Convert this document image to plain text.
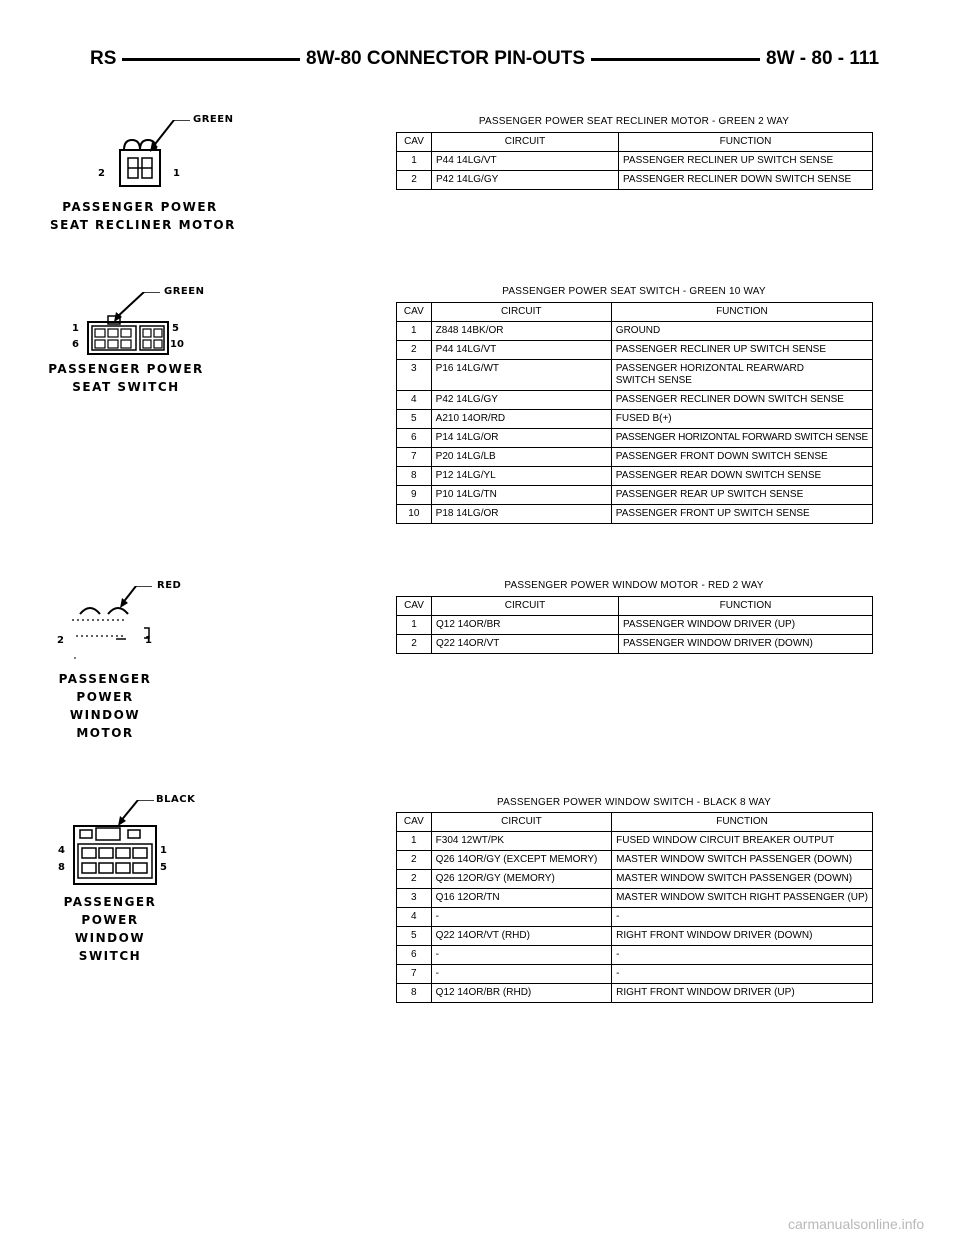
RS	8W-80 CONNECTOR PIN-OUTS	8W - 80 - 111
PASSENGER POWER SEAT RECLINER MOTOR - GREEN 2 WAY
CAV	CIRCUIT	FUNCTION
1	P44 14LG/VT	PASSENGER RECLINER UP SWITCH SENSE
2	P42 14LG/GY	PASSENGER RECLINER DOWN SWITCH SENSE
GREEN
2	1
PASSENGER POWER
SEAT RECLINER MOTOR
PASSENGER POWER SEAT SWITCH - GREEN 10 WAY
CAV	CIRCUIT	FUNCTION
1	Z848 14BK/OR	GROUND
2	P44 14LG/VT	PASSENGER RECLINER UP SWITCH SENSE
3	P16 14LG/WT	PASSENGER HORIZONTAL REARWARD SWITCH SENSE
4	P42 14LG/GY	PASSENGER RECLINER DOWN SWITCH SENSE
5	A210 14OR/RD	FUSED B(+)
6	P14 14LG/OR	PASSENGER HORIZONTAL FORWARD SWITCH SENSE
7	P20 14LG/LB	PASSENGER FRONT DOWN SWITCH SENSE
8	P12 14LG/YL	PASSENGER REAR DOWN SWITCH SENSE
9	P10 14LG/TN	PASSENGER REAR UP SWITCH SENSE
10	P18 14LG/OR	PASSENGER FRONT UP SWITCH SENSE
GREEN
1	5
6	10
PASSENGER POWER
SEAT SWITCH
PASSENGER POWER WINDOW MOTOR - RED 2 WAY
CAV	CIRCUIT	FUNCTION
1	Q12 14OR/BR	PASSENGER WINDOW DRIVER (UP)
2	Q22 14OR/VT	PASSENGER WINDOW DRIVER (DOWN)
RED
2	1
PASSENGER
POWER
WINDOW
MOTOR
PASSENGER POWER WINDOW SWITCH - BLACK 8 WAY
CAV	CIRCUIT	FUNCTION
1	F304 12WT/PK	FUSED WINDOW CIRCUIT BREAKER OUTPUT
2	Q26 14OR/GY (EXCEPT MEMORY)	MASTER WINDOW SWITCH PASSENGER (DOWN)
2	Q26 12OR/GY (MEMORY)	MASTER WINDOW SWITCH PASSENGER (DOWN)
3	Q16 12OR/TN	MASTER WINDOW SWITCH RIGHT PASSENGER (UP)
4	-	-
5	Q22 14OR/VT (RHD)	RIGHT FRONT WINDOW DRIVER (DOWN)
6	-	-
7	-	-
8	Q12 14OR/BR (RHD)	RIGHT FRONT WINDOW DRIVER (UP)
BLACK
4	1
8	5
PASSENGER
POWER
WINDOW
SWITCH
carmanualsonline.info
